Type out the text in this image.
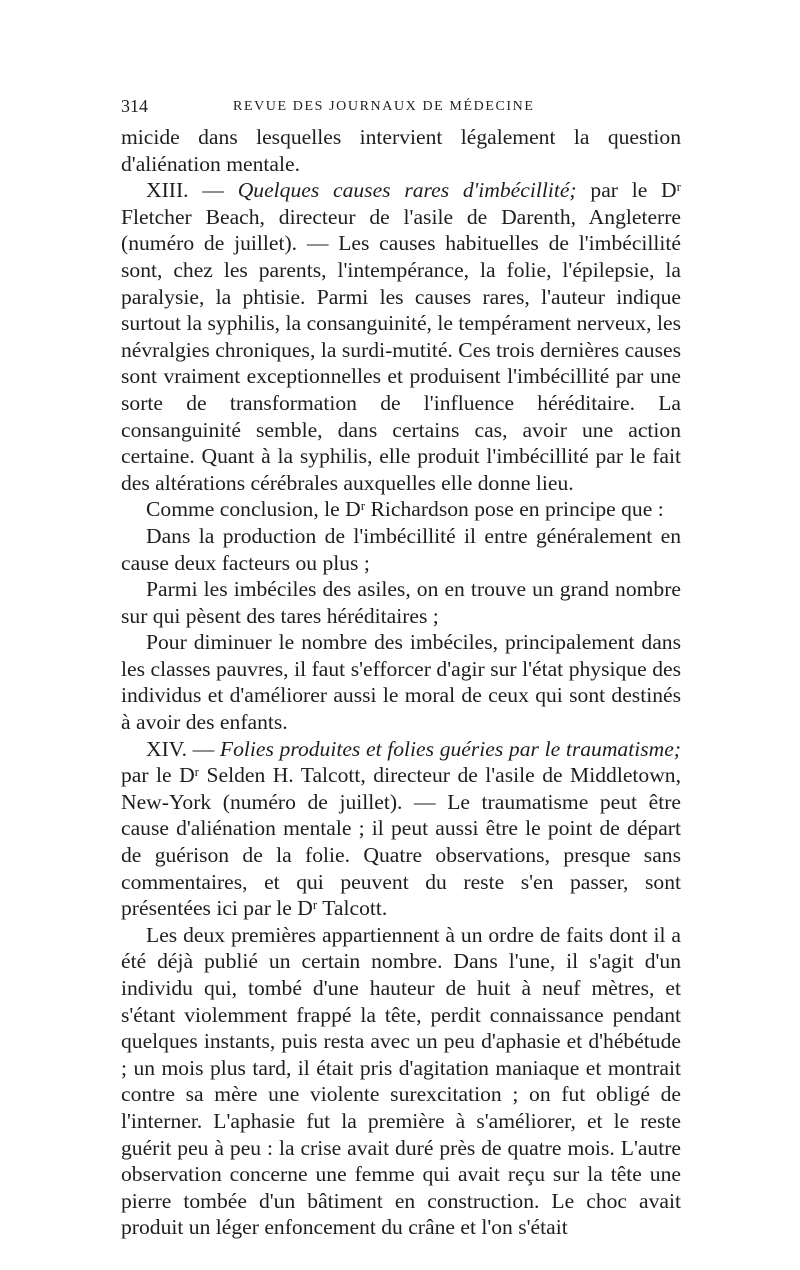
314	REVUE DES JOURNAUX DE MÉDECINE

micide dans lesquelles intervient légalement la question d'aliénation mentale.

XIII. — Quelques causes rares d'imbécillité; par le $D^r$ Fletcher Beach, directeur de l'asile de Darenth, Angleterre (numéro de juillet). — Les causes habituelles de l'imbécillité sont, chez les parents, l'intempérance, la folie, l'épilepsie, la paralysie, la phtisie. Parmi les causes rares, l'auteur indique surtout la syphilis, la consanguinité, le tempérament nerveux, les névralgies chroniques, la surdi-mutité. Ces trois dernières causes sont vraiment exceptionnelles et produisent l'imbécillité par une sorte de transformation de l'influence héréditaire. La consanguinité semble, dans certains cas, avoir une action certaine. Quant à la syphilis, elle produit l'imbécillité par le fait des altérations cérébrales auxquelles elle donne lieu.

Comme conclusion, le $D^r$ Richardson pose en principe que :

Dans la production de l'imbécillité il entre généralement en cause deux facteurs ou plus ;

Parmi les imbéciles des asiles, on en trouve un grand nombre sur qui pèsent des tares héréditaires ;

Pour diminuer le nombre des imbéciles, principalement dans les classes pauvres, il faut s'efforcer d'agir sur l'état physique des individus et d'améliorer aussi le moral de ceux qui sont destinés à avoir des enfants.

XIV. — Folies produites et folies guéries par le traumatisme; par le $D^r$ Selden H. Talcott, directeur de l'asile de Middletown, New-York (numéro de juillet). — Le traumatisme peut être cause d'aliénation mentale ; il peut aussi être le point de départ de guérison de la folie. Quatre observations, presque sans commentaires, et qui peuvent du reste s'en passer, sont présentées ici par le $D^r$ Talcott.

Les deux premières appartiennent à un ordre de faits dont il a été déjà publié un certain nombre. Dans l'une, il s'agit d'un individu qui, tombé d'une hauteur de huit à neuf mètres, et s'étant violemment frappé la tête, perdit connaissance pendant quelques instants, puis resta avec un peu d'aphasie et d'hébétude ; un mois plus tard, il était pris d'agitation maniaque et montrait contre sa mère une violente surexcitation ; on fut obligé de l'interner. L'aphasie fut la première à s'améliorer, et le reste guérit peu à peu : la crise avait duré près de quatre mois. L'autre observation concerne une femme qui avait reçu sur la tête une pierre tombée d'un bâtiment en construction. Le choc avait produit un léger enfoncement du crâne et l'on s'était
